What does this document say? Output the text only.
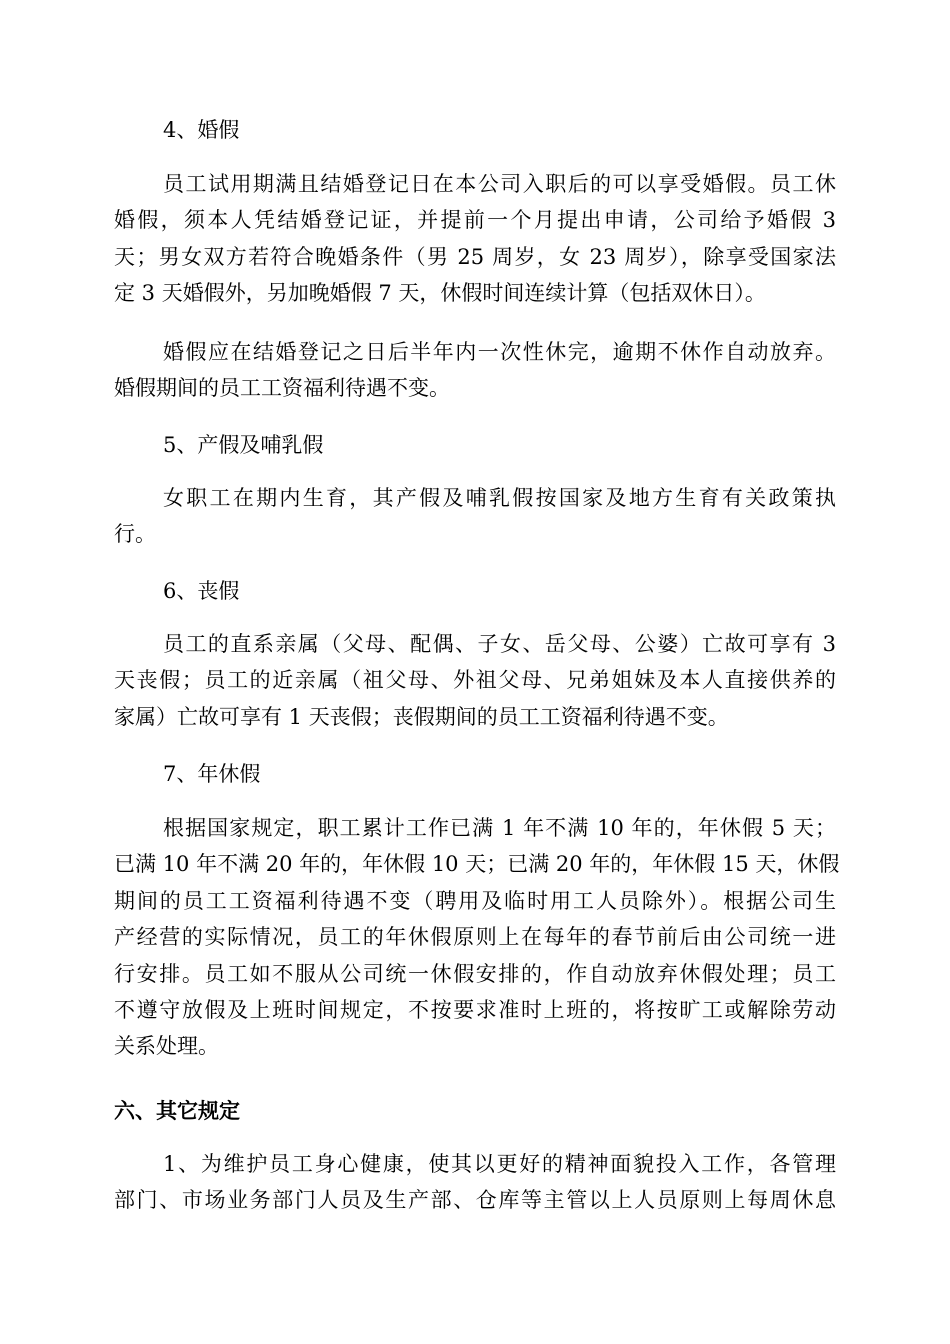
4、婚假
员工试用期满且结婚登记日在本公司入职后的可以享受婚假。员工休
婚假，须本人凭结婚登记证，并提前一个月提出申请，公司给予婚假 3
天；男女双方若符合晚婚条件（男 25 周岁，女 23 周岁），除享受国家法
定 3 天婚假外，另加晚婚假 7 天，休假时间连续计算（包括双休日）。
婚假应在结婚登记之日后半年内一次性休完，逾期不休作自动放弃。
婚假期间的员工工资福利待遇不变。
5、产假及哺乳假
女职工在期内生育，其产假及哺乳假按国家及地方生育有关政策执
行。
6、丧假
员工的直系亲属（父母、配偶、子女、岳父母、公婆）亡故可享有 3
天丧假；员工的近亲属（祖父母、外祖父母、兄弟姐妹及本人直接供养的
家属）亡故可享有 1 天丧假；丧假期间的员工工资福利待遇不变。
7、年休假
根据国家规定，职工累计工作已满 1 年不满 10 年的，年休假 5 天；
已满 10 年不满 20 年的，年休假 10 天；已满 20 年的，年休假 15 天，休假
期间的员工工资福利待遇不变（聘用及临时用工人员除外）。根据公司生
产经营的实际情况，员工的年休假原则上在每年的春节前后由公司统一进
行安排。员工如不服从公司统一休假安排的，作自动放弃休假处理；员工
不遵守放假及上班时间规定，不按要求准时上班的，将按旷工或解除劳动
关系处理。
六、其它规定
1、为维护员工身心健康，使其以更好的精神面貌投入工作，各管理
部门、市场业务部门人员及生产部、仓库等主管以上人员原则上每周休息
